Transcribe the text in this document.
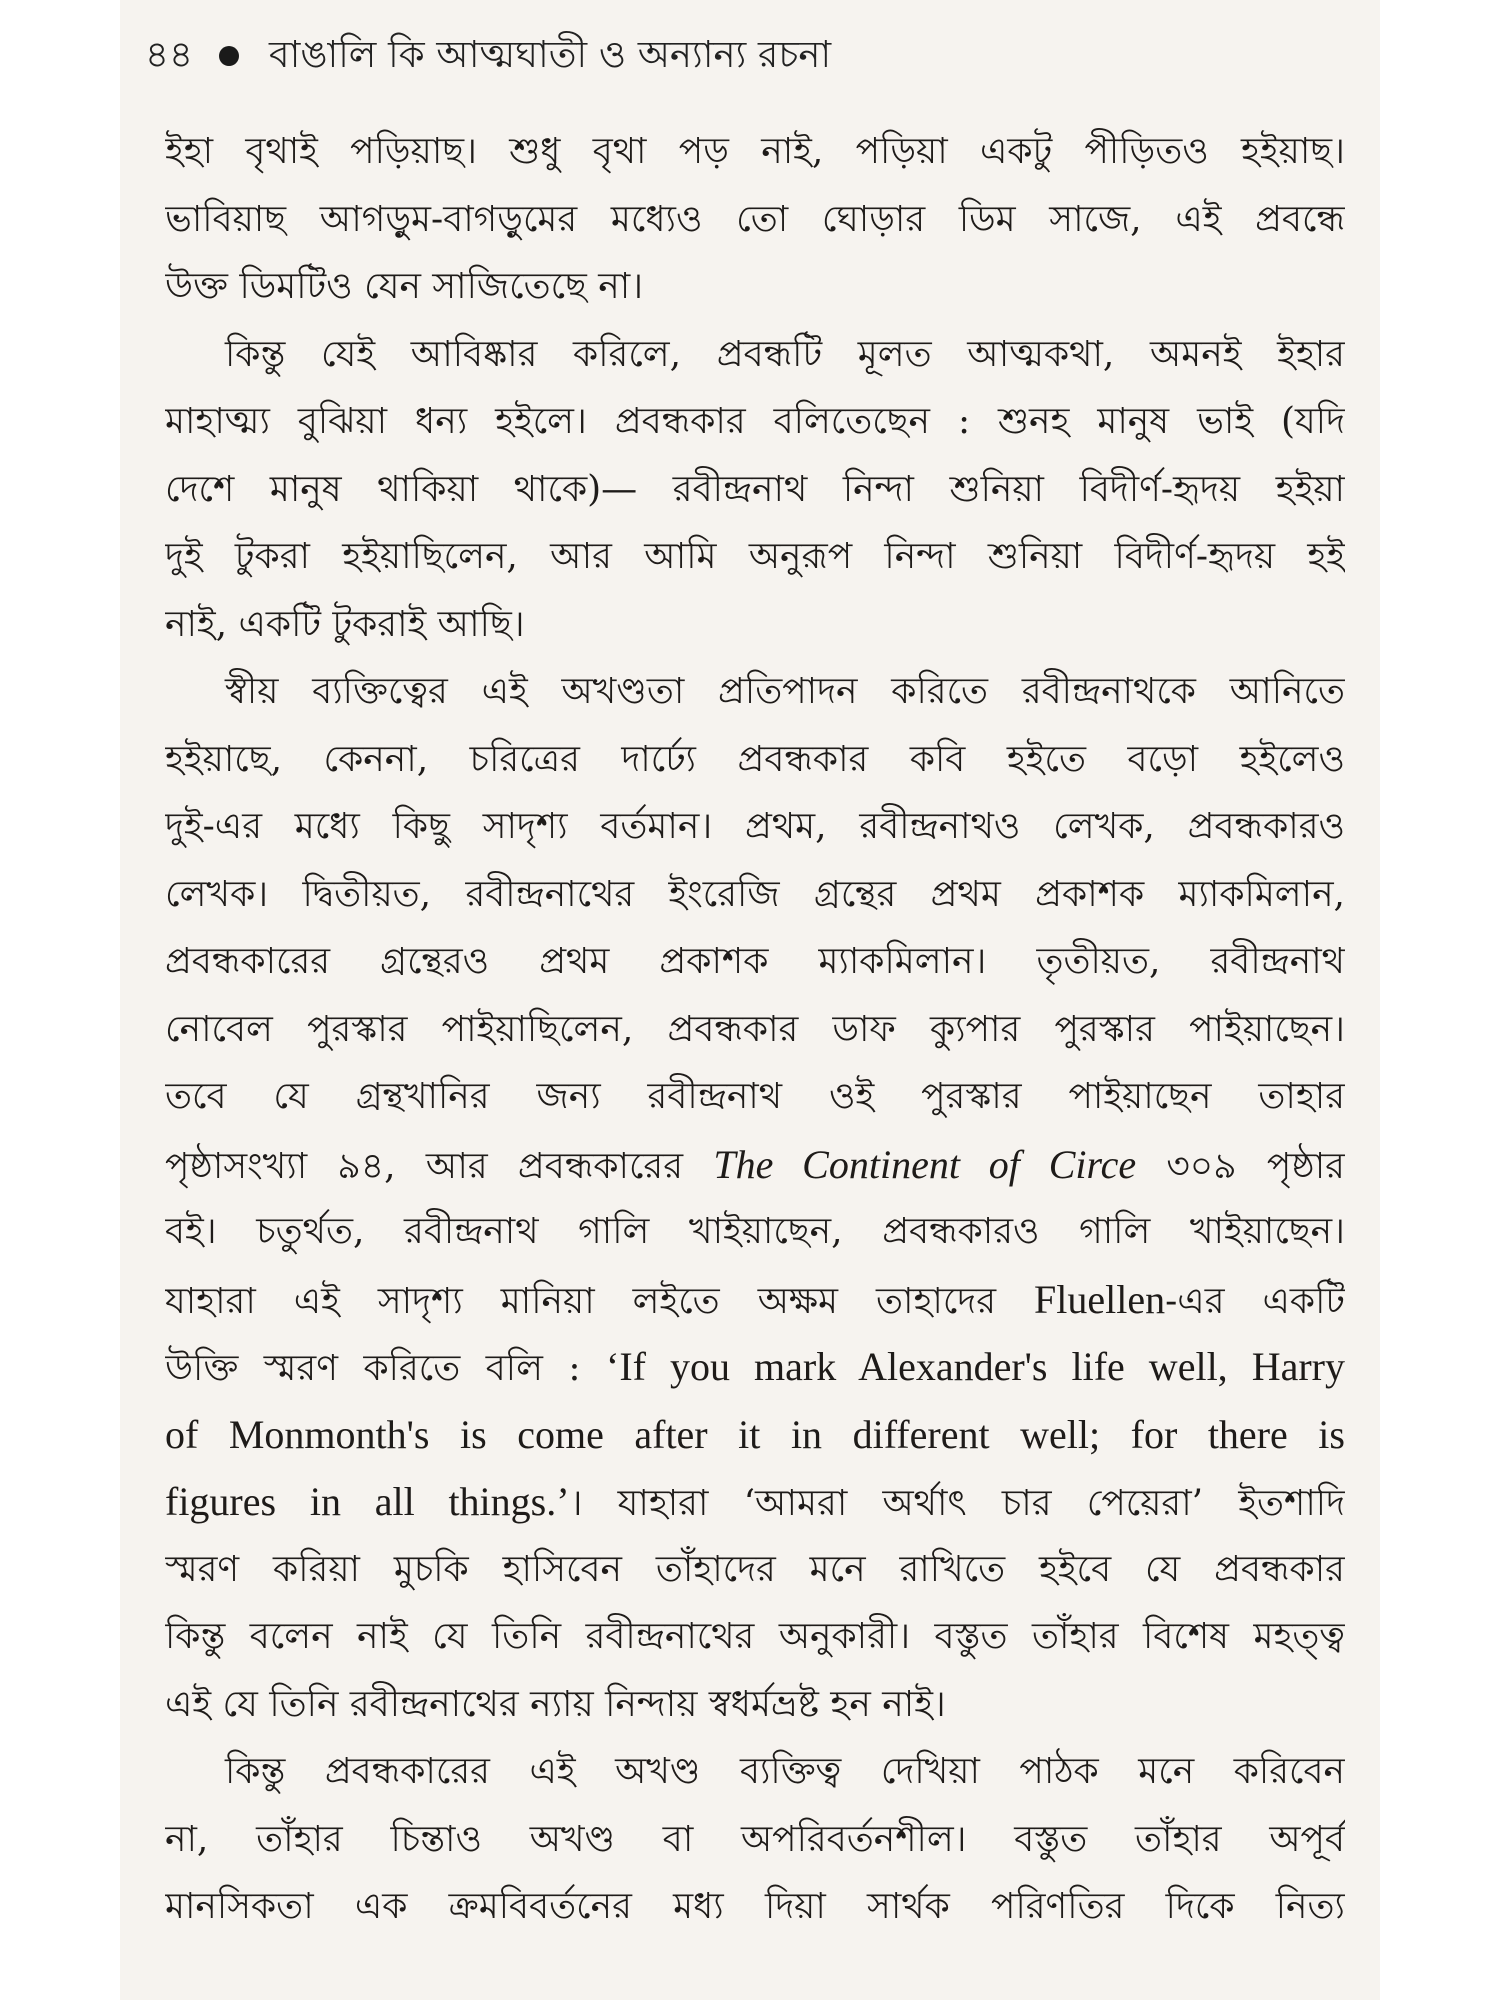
৪৪ বাঙালি কি আত্মঘাতী ও অন্যান্য রচনা
ইহা বৃথাই পড়িয়াছ। শুধু বৃথা পড় নাই, পড়িয়া একটু পীড়িতও হইয়াছ।
ভাবিয়াছ আগড়ুম-বাগড়ুমের মধ্যেও তো ঘোড়ার ডিম সাজে, এই প্রবন্ধে
উক্ত ডিমটিও যেন সাজিতেছে না।
কিন্তু যেই আবিষ্কার করিলে, প্রবন্ধটি মূলত আত্মকথা, অমনই ইহার
মাহাত্ম্য বুঝিয়া ধন্য হইলে। প্রবন্ধকার বলিতেছেন : শুনহ মানুষ ভাই (যদি
দেশে মানুষ থাকিয়া থাকে)— রবীন্দ্রনাথ নিন্দা শুনিয়া বিদীর্ণ-হৃদয় হইয়া
দুই টুকরা হইয়াছিলেন, আর আমি অনুরূপ নিন্দা শুনিয়া বিদীর্ণ-হৃদয় হই
নাই, একটি টুকরাই আছি।
স্বীয় ব্যক্তিত্বের এই অখণ্ডতা প্রতিপাদন করিতে রবীন্দ্রনাথকে আনিতে
হইয়াছে, কেননা, চরিত্রের দার্ঢ্যে প্রবন্ধকার কবি হইতে বড়ো হইলেও
দুই-এর মধ্যে কিছু সাদৃশ্য বর্তমান। প্রথম, রবীন্দ্রনাথও লেখক, প্রবন্ধকারও
লেখক। দ্বিতীয়ত, রবীন্দ্রনাথের ইংরেজি গ্রন্থের প্রথম প্রকাশক ম্যাকমিলান,
প্রবন্ধকারের গ্রন্থেরও প্রথম প্রকাশক ম্যাকমিলান। তৃতীয়ত, রবীন্দ্রনাথ
নোবেল পুরস্কার পাইয়াছিলেন, প্রবন্ধকার ডাফ ক্যুপার পুরস্কার পাইয়াছেন।
তবে যে গ্রন্থখানির জন্য রবীন্দ্রনাথ ওই পুরস্কার পাইয়াছেন তাহার
পৃষ্ঠাসংখ্যা ৯৪, আর প্রবন্ধকারের The Continent of Circe ৩০৯ পৃষ্ঠার
বই। চতুর্থত, রবীন্দ্রনাথ গালি খাইয়াছেন, প্রবন্ধকারও গালি খাইয়াছেন।
যাহারা এই সাদৃশ্য মানিয়া লইতে অক্ষম তাহাদের Fluellen-এর একটি
উক্তি স্মরণ করিতে বলি : ‘If you mark Alexander's life well, Harry
of Monmonth's is come after it in different well; for there is
figures in all things.’। যাহারা ‘আমরা অর্থাৎ চার পেয়েরা’ ইতশাদি
স্মরণ করিয়া মুচকি হাসিবেন তাঁহাদের মনে রাখিতে হইবে যে প্রবন্ধকার
কিন্তু বলেন নাই যে তিনি রবীন্দ্রনাথের অনুকারী। বস্তুত তাঁহার বিশেষ মহত্ত্ব
এই যে তিনি রবীন্দ্রনাথের ন্যায় নিন্দায় স্বধর্মভ্রষ্ট হন নাই।
কিন্তু প্রবন্ধকারের এই অখণ্ড ব্যক্তিত্ব দেখিয়া পাঠক মনে করিবেন
না, তাঁহার চিন্তাও অখণ্ড বা অপরিবর্তনশীল। বস্তুত তাঁহার অপূর্ব
মানসিকতা এক ক্রমবিবর্তনের মধ্য দিয়া সার্থক পরিণতির দিকে নিত্য
